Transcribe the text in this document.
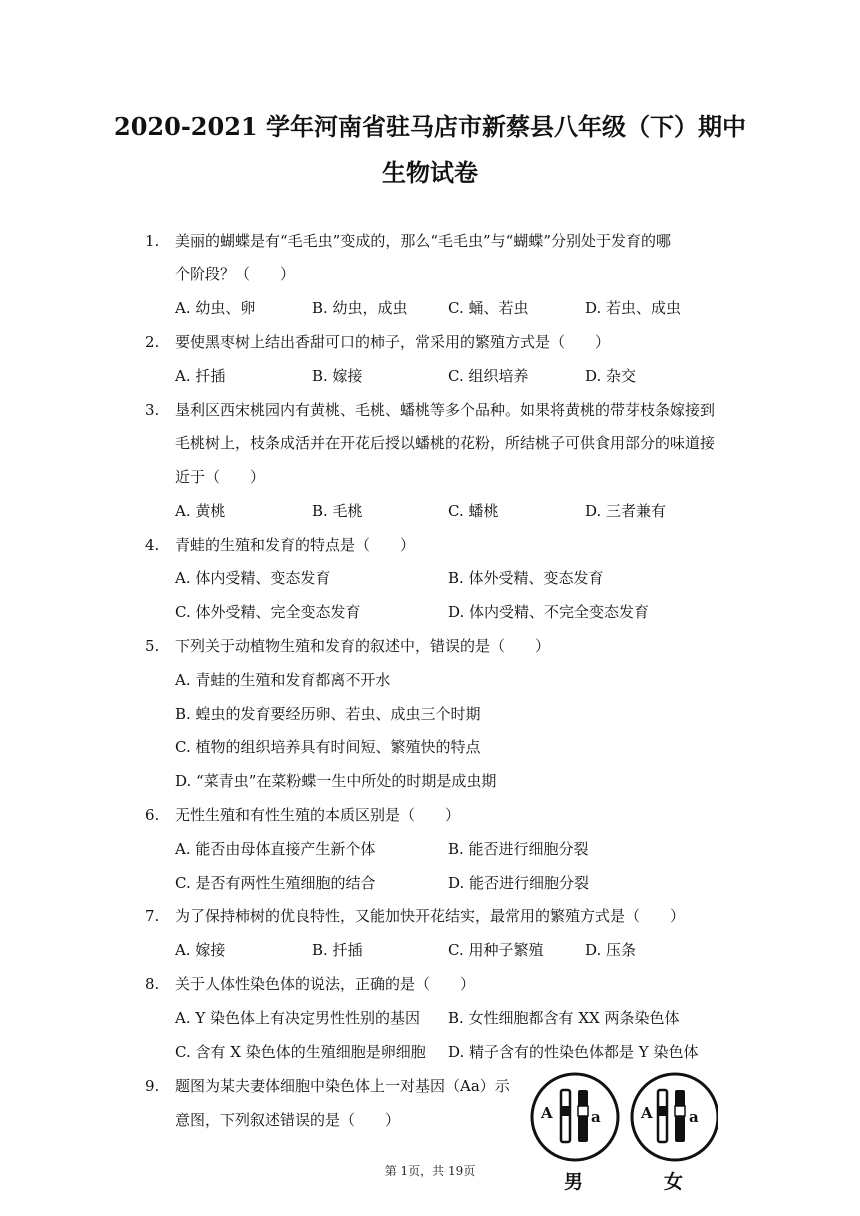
2020-2021 学年河南省驻马店市新蔡县八年级（下）期中
生物试卷
1. 美丽的蝴蝶是有“毛毛虫”变成的，那么“毛毛虫”与“蝴蝶”分别处于发育的哪
个阶段？（　　）
A. 幼虫、卵	B. 幼虫，成虫	C. 蛹、若虫	D. 若虫、成虫
2. 要使黑枣树上结出香甜可口的柿子，常采用的繁殖方式是（　　）
A. 扦插	B. 嫁接	C. 组织培养	D. 杂交
3. 垦利区西宋桃园内有黄桃、毛桃、蟠桃等多个品种。如果将黄桃的带芽枝条嫁接到
毛桃树上，枝条成活并在开花后授以蟠桃的花粉，所结桃子可供食用部分的味道接
近于（　　）
A. 黄桃	B. 毛桃	C. 蟠桃	D. 三者兼有
4. 青蛙的生殖和发育的特点是（　　）
A. 体内受精、变态发育	B. 体外受精、变态发育
C. 体外受精、完全变态发育	D. 体内受精、不完全变态发育
5. 下列关于动植物生殖和发育的叙述中，错误的是（　　）
A. 青蛙的生殖和发育都离不开水
B. 蝗虫的发育要经历卵、若虫、成虫三个时期
C. 植物的组织培养具有时间短、繁殖快的特点
D. “菜青虫”在菜粉蝶一生中所处的时期是成虫期
6. 无性生殖和有性生殖的本质区别是（　　）
A. 能否由母体直接产生新个体	B. 能否进行细胞分裂
C. 是否有两性生殖细胞的结合	D. 能否进行细胞分裂
7. 为了保持柿树的优良特性，又能加快开花结实，最常用的繁殖方式是（　　）
A. 嫁接	B. 扦插	C. 用种子繁殖	D. 压条
8. 关于人体性染色体的说法，正确的是（　　）
A. Y 染色体上有决定男性性别的基因 B. 女性细胞都含有 XX 两条染色体
C. 含有 X 染色体的生殖细胞是卵细胞 D. 精子含有的性染色体都是 Y 染色体
9. 题图为某夫妻体细胞中染色体上一对基因（Aa）示
意图，下列叙述错误的是（　　）	A	a	A a
男	女
第 1页，共 19页
